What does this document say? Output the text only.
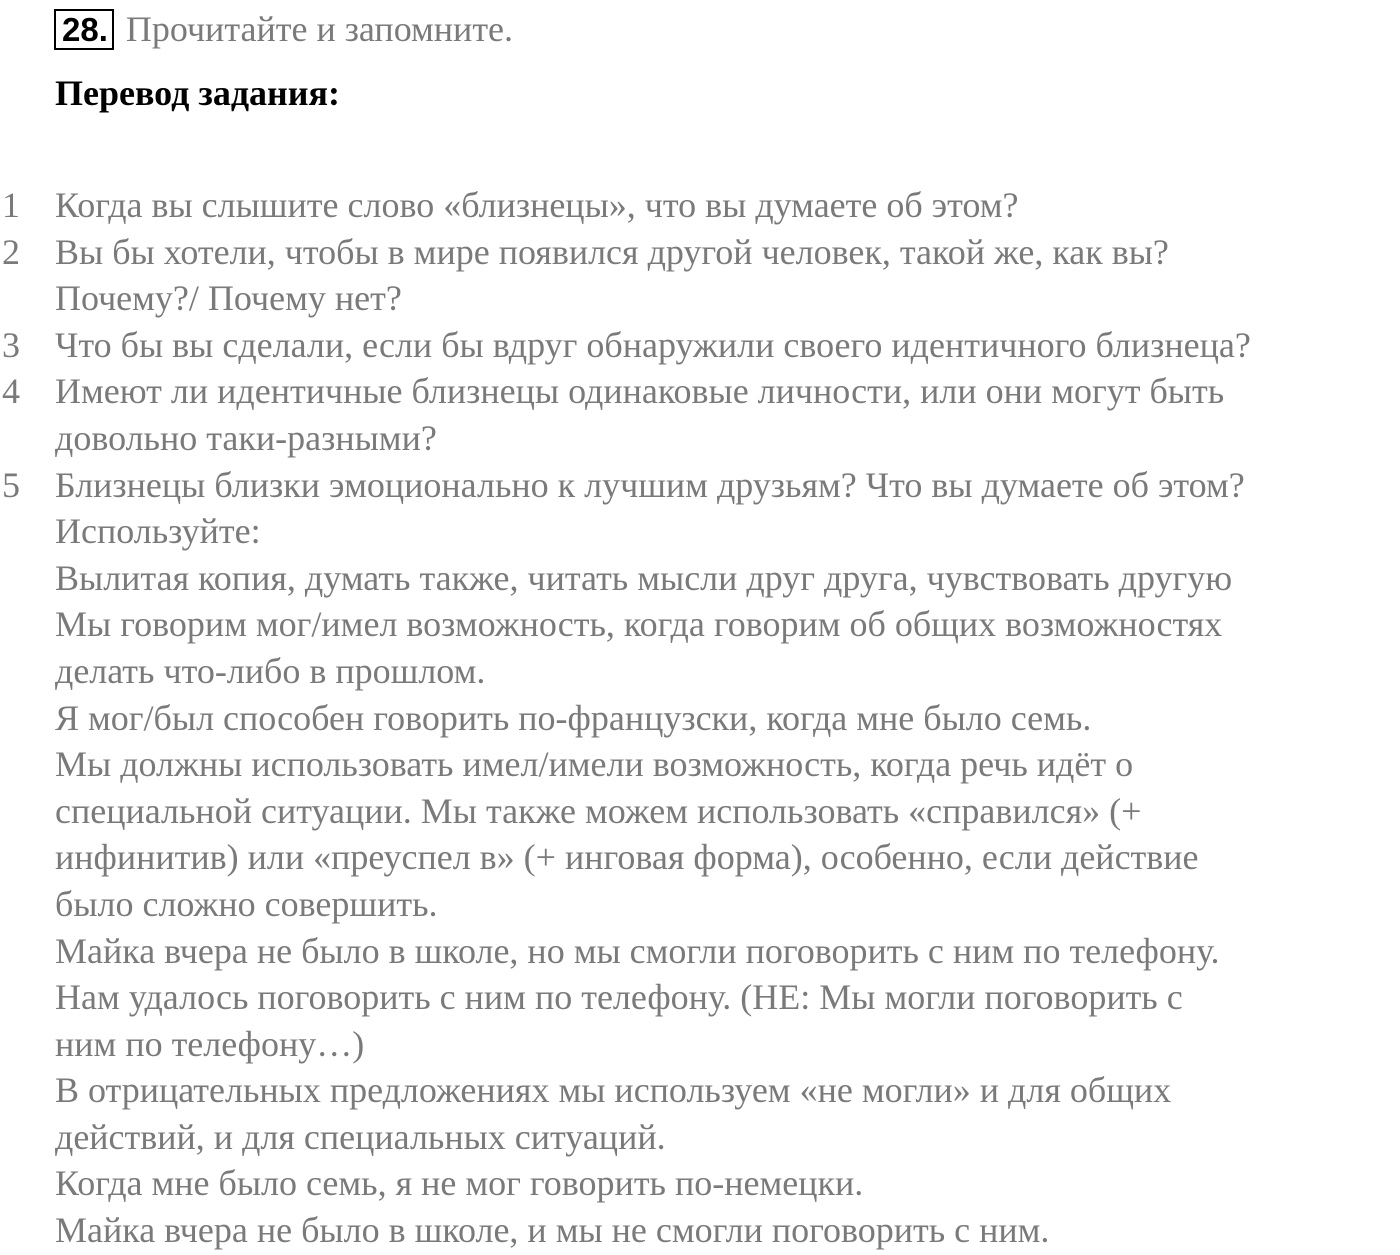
28. Прочитайте и запомните.
Перевод задания:
1 Когда вы слышите слово «близнецы», что вы думаете об этом?
2 Вы бы хотели, чтобы в мире появился другой человек, такой же, как вы?
Почему?/ Почему нет?
3 Что бы вы сделали, если бы вдруг обнаружили своего идентичного близнеца?
4 Имеют ли идентичные близнецы одинаковые личности, или они могут быть
довольно таки-разными?
5 Близнецы близки эмоционально к лучшим друзьям? Что вы думаете об этом?
Используйте:
Вылитая копия, думать также, читать мысли друг друга, чувствовать другую
Мы говорим мог/имел возможность, когда говорим об общих возможностях
делать что-либо в прошлом.
Я мог/был способен говорить по-французски, когда мне было семь.
Мы должны использовать имел/имели возможность, когда речь идёт о
специальной ситуации. Мы также можем использовать «справился» (+
инфинитив) или «преуспел в» (+ инговая форма), особенно, если действие
было сложно совершить.
Майка вчера не было в школе, но мы смогли поговорить с ним по телефону.
Нам удалось поговорить с ним по телефону. (НЕ: Мы могли поговорить с
ним по телефону…)
В отрицательных предложениях мы используем «не могли» и для общих
действий, и для специальных ситуаций.
Когда мне было семь, я не мог говорить по-немецки.
Майка вчера не было в школе, и мы не смогли поговорить с ним.
